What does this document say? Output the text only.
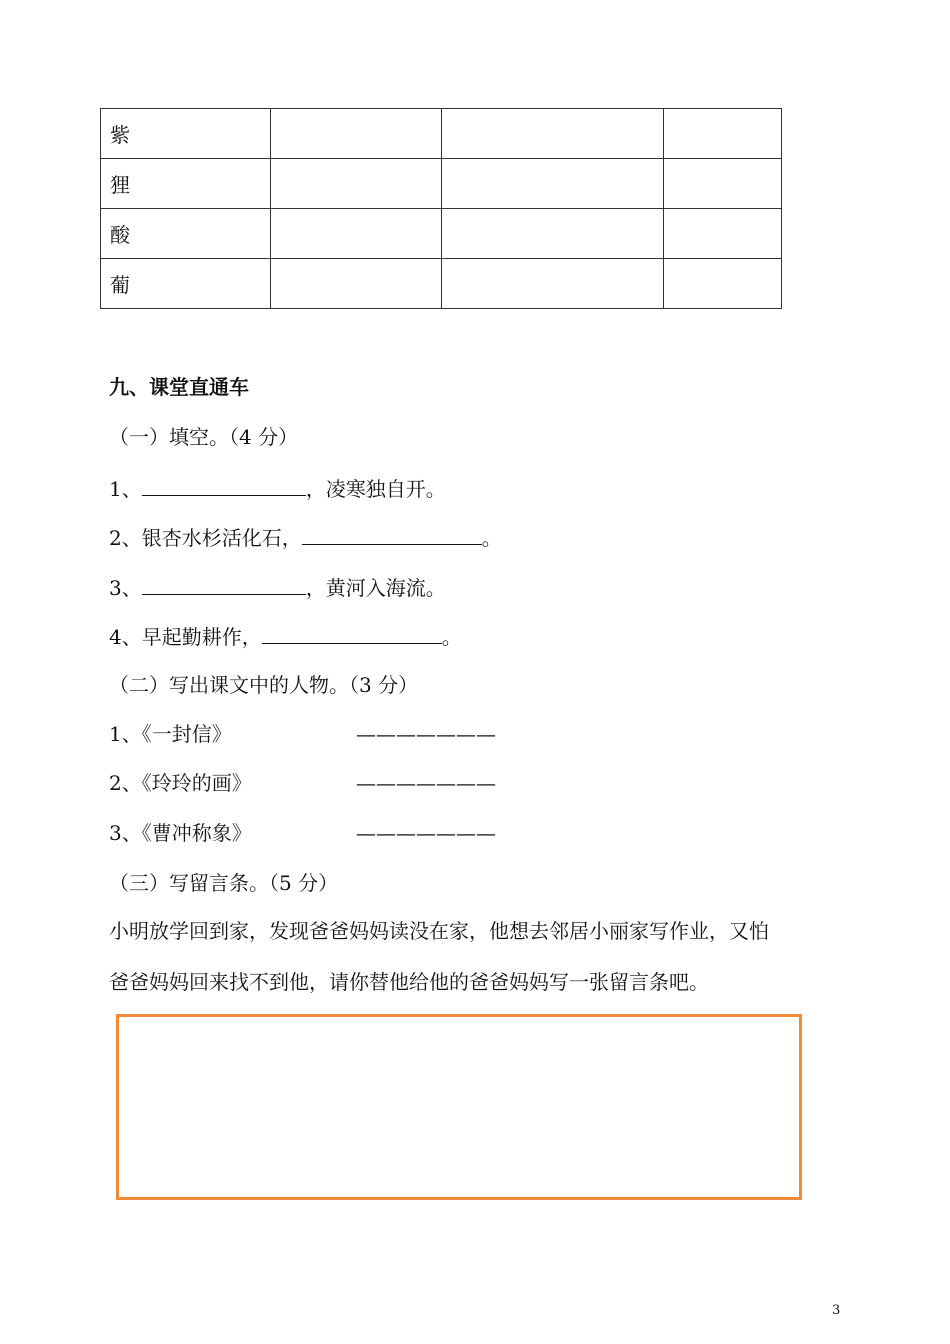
紫			
狸			
酸			
葡			
九、课堂直通车
（一）填空。（4 分）
1、	，凌寒独自开。
2、银杏水杉活化石，	。
3、	，黄河入海流。
4、早起勤耕作，	。
（二）写出课文中的人物。（3 分）
1、《一封信》	———————
2、《玲玲的画》	———————
3、《曹冲称象》	———————
（三）写留言条。（5 分）
小明放学回到家，发现爸爸妈妈读没在家，他想去邻居小丽家写作业，又怕
爸爸妈妈回来找不到他，请你替他给他的爸爸妈妈写一张留言条吧。
3
